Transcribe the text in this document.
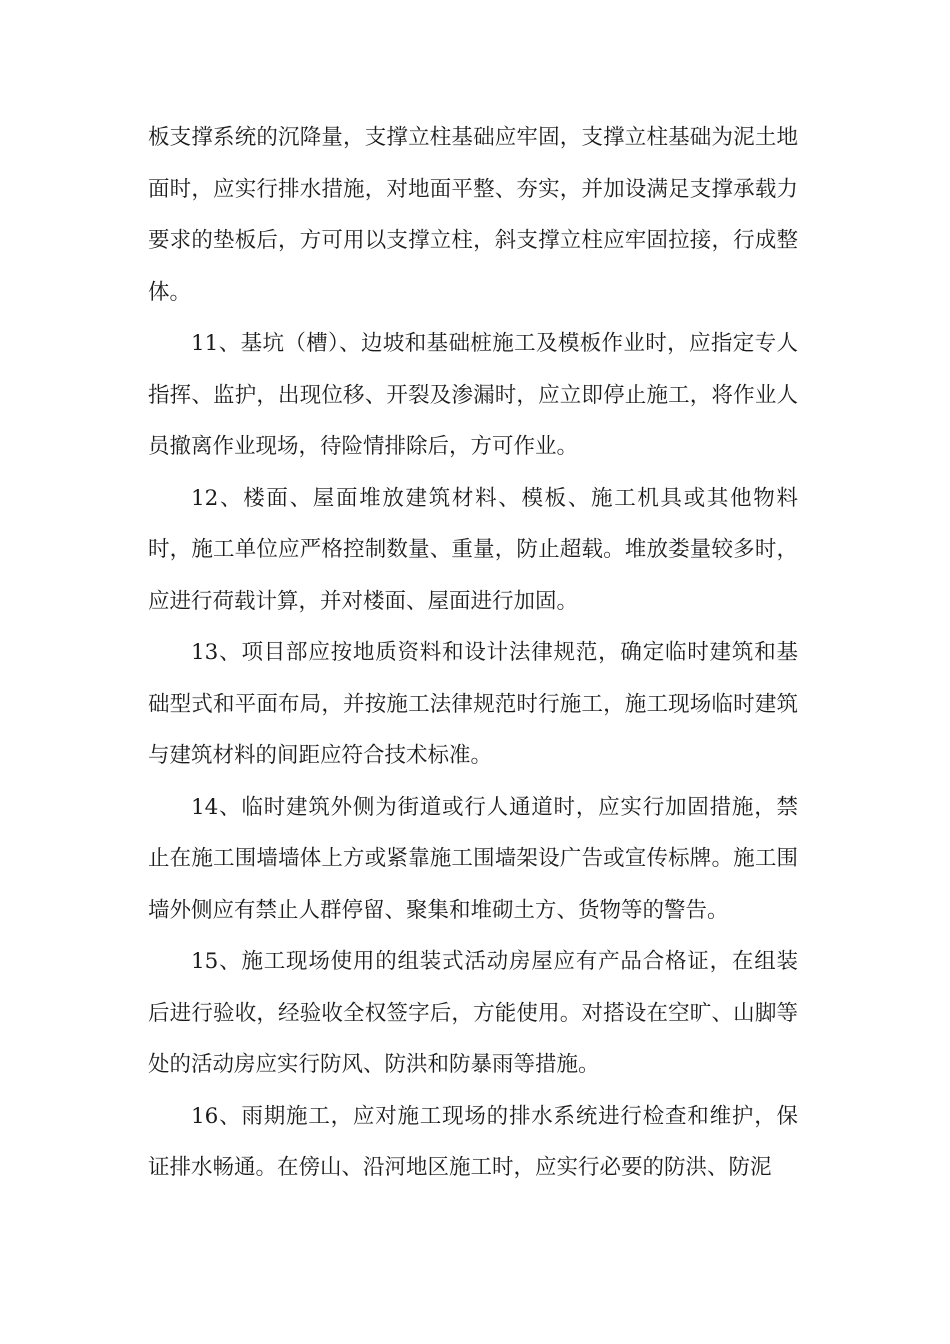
板支撑系统的沉降量，支撑立柱基础应牢固，支撑立柱基础为泥土地面时，应实行排水措施，对地面平整、夯实，并加设满足支撑承载力要求的垫板后，方可用以支撑立柱，斜支撑立柱应牢固拉接，行成整体。

11、基坑（槽）、边坡和基础桩施工及模板作业时，应指定专人指挥、监护，出现位移、开裂及渗漏时，应立即停止施工，将作业人员撤离作业现场，待险情排除后，方可作业。

12、楼面、屋面堆放建筑材料、模板、施工机具或其他物料时，施工单位应严格控制数量、重量，防止超载。堆放娄量较多时，应进行荷载计算，并对楼面、屋面进行加固。

13、项目部应按地质资料和设计法律规范，确定临时建筑和基础型式和平面布局，并按施工法律规范时行施工，施工现场临时建筑与建筑材料的间距应符合技术标准。

14、临时建筑外侧为街道或行人通道时，应实行加固措施，禁止在施工围墙墙体上方或紧靠施工围墙架设广告或宣传标牌。施工围墙外侧应有禁止人群停留、聚集和堆砌土方、货物等的警告。

15、施工现场使用的组装式活动房屋应有产品合格证，在组装后进行验收，经验收全权签字后，方能使用。对搭设在空旷、山脚等处的活动房应实行防风、防洪和防暴雨等措施。

16、雨期施工，应对施工现场的排水系统进行检查和维护，保证排水畅通。在傍山、沿河地区施工时，应实行必要的防洪、防泥
